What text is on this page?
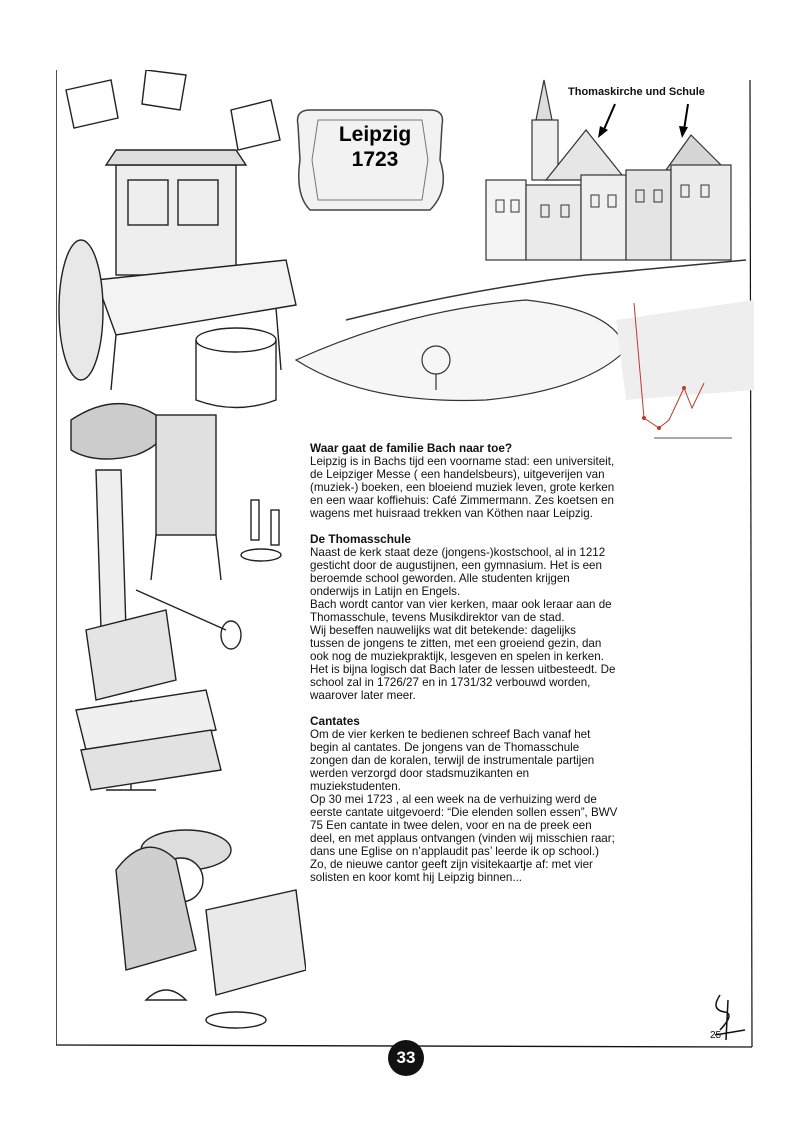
Leipzig
1723
Thomaskirche und Schule
Waar gaat de familie Bach naar toe?

Leipzig is in Bachs tijd een voorname stad: een universiteit,

de Leipziger Messe ( een handelsbeurs), uitgeverijen van

(muziek-) boeken, een bloeiend muziek leven, grote kerken

en een waar koffiehuis: Café Zimmermann. Zes koetsen en

wagens met huisraad trekken van Köthen naar Leipzig.

De Thomasschule

Naast de kerk staat deze (jongens-)kostschool, al in 1212

gesticht door de augustijnen, een gymnasium. Het is een

beroemde school geworden. Alle studenten krijgen

onderwijs in Latijn en Engels.

Bach wordt cantor van vier kerken, maar ook leraar aan de

Thomasschule, tevens Musikdirektor van de stad.

Wij beseffen nauwelijks wat dit betekende: dagelijks

tussen de jongens te zitten, met een groeiend gezin, dan

ook nog de muziekpraktijk, lesgeven en spelen in kerken.

Het is bijna logisch dat Bach later de lessen uitbesteedt. De

school zal in 1726/27 en in 1731/32 verbouwd worden,

waarover later meer.

Cantates

Om de vier kerken te bedienen schreef Bach vanaf het

begin al cantates. De jongens van de Thomasschule

zongen dan de koralen, terwijl de instrumentale partijen

werden verzorgd door stadsmuzikanten en

muziekstudenten.

Op 30 mei 1723 , al een week na de verhuizing werd de

eerste cantate uitgevoerd: “Die elenden sollen essen”, BWV

75 Een cantate in twee delen, voor en na de preek een

deel, en met applaus ontvangen (vinden wij misschien raar;

dans une Eglise on n’applaudit pas’ leerde ik op school.)

Zo, de nieuwe cantor geeft zijn visitekaartje af: met vier

solisten en koor komt hij Leipzig binnen...

25
33
